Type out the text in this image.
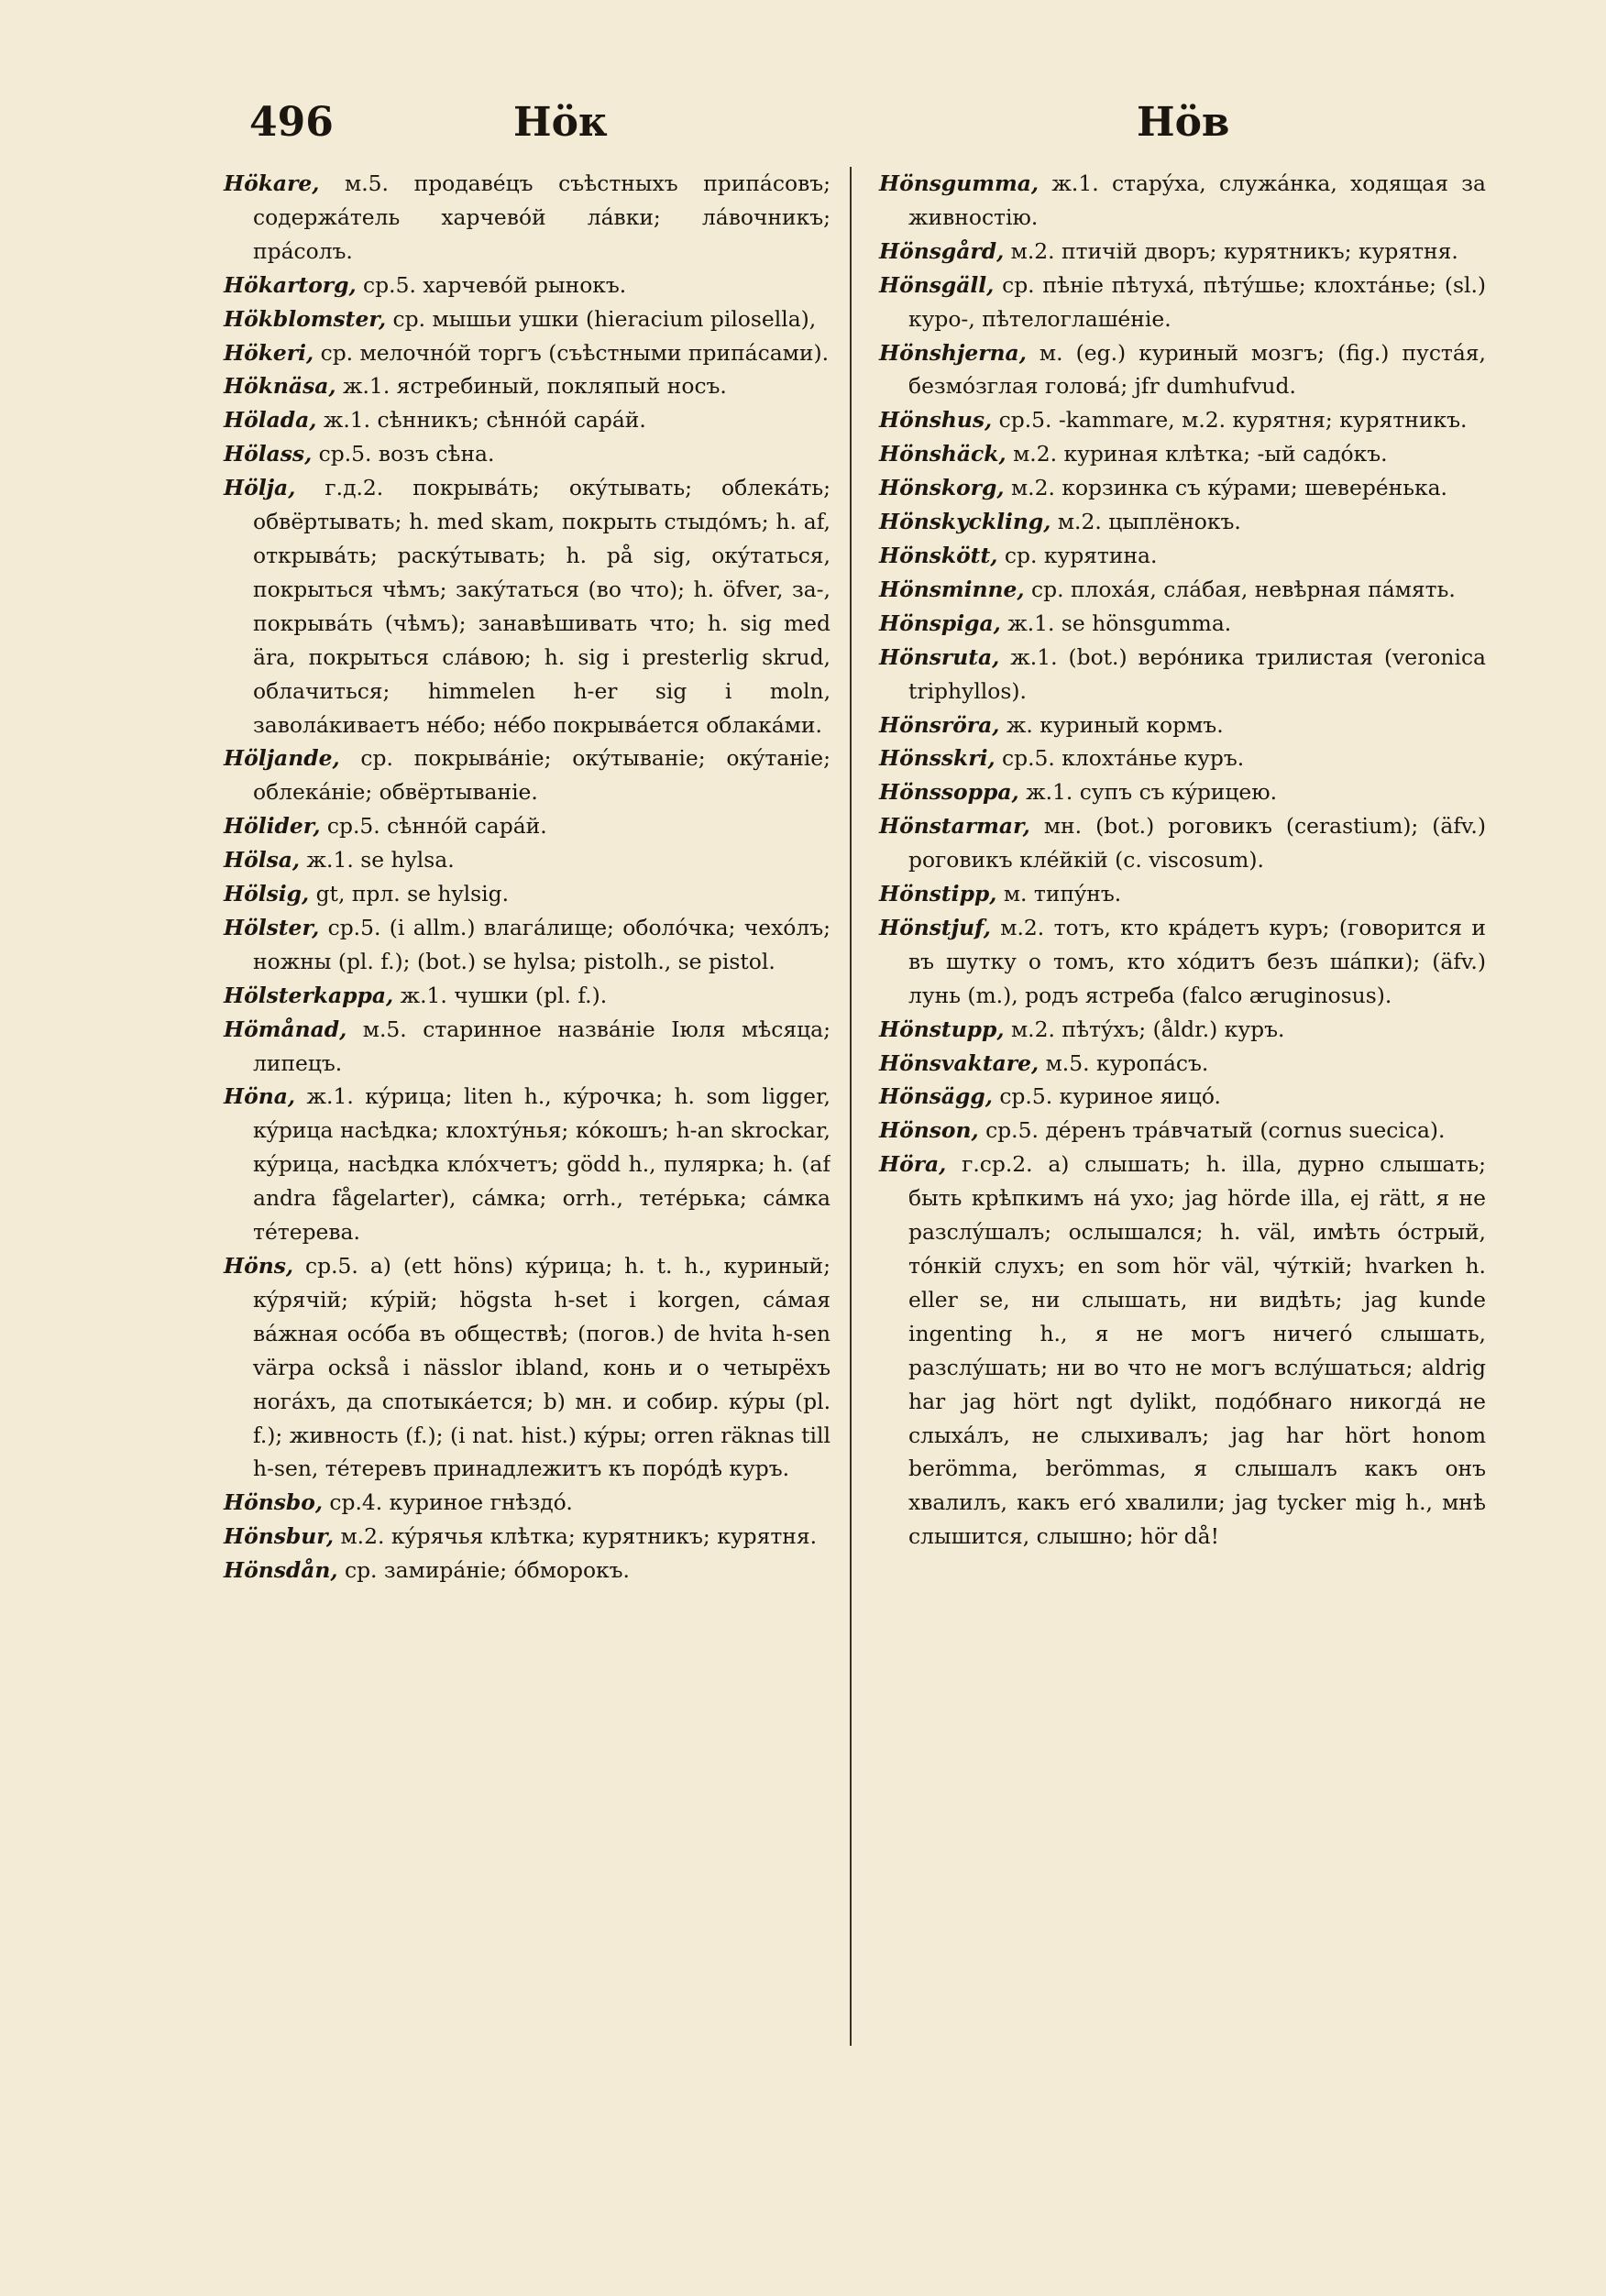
496	Нöк	Нöв

Hökare, м.5. продавéцъ съѣстныхъ припáсовъ; содержáтель харчевóй лáвки; лáвочникъ; прáсолъ.

Hökartorg, ср.5. харчевóй рынокъ.

Hökblomster, ср. мышьи ушки (hieracium pilosella),

Hökeri, ср. мелочнóй торгъ (съѣстными припáсами).

Höknäsa, ж.1. ястребиный, покляпый носъ.

Hölada, ж.1. сѣнникъ; сѣннóй сарáй.

Hölass, ср.5. возъ сѣна.

Hölja, г.д.2. покрывáть; окýтывать; облекáть; обвёртывать; h. med skam, покрыть стыдóмъ; h. af, открывáть; раскýтывать; h. på sig, окýтаться, покрыться чѣмъ; закýтаться (во что); h. öfver, за-, покрывáть (чѣмъ); занавѣшивать что; h. sig med ära, покрыться слáвою; h. sig i presterlig skrud, облачиться; himmelen h-er sig i moln, заволáкиваетъ нéбо; нéбо покрывáется облакáми.

Höljande, ср. покрывáніе; окýтываніе; окýтаніе; облекáніе; обвёртываніе.

Hölider, ср.5. сѣннóй сарáй.

Hölsa, ж.1. se hylsa.

Hölsig, gt, прл. se hylsig.

Hölster, ср.5. (i allm.) влагáлище; оболóчка; чехóлъ; ножны (pl. f.); (bot.) se hylsa; pistolh., se pistol.

Hölsterkappa, ж.1. чушки (pl. f.).

Hömånad, м.5. старинное назвáніе Іюля мѣсяца; липецъ.

Höna, ж.1. кýрица; liten h., кýрочка; h. som ligger, кýрица насѣдка; клохтýнья; кóкошъ; h-an skrockar, кýрица, насѣдка клóхчетъ; gödd h., пулярка; h. (af andra fågelarter), сáмка; orrh., тетéрька; сáмка тéтерева.

Höns, ср.5. а) (ett höns) кýрица; h. t. h., куриный; кýрячій; кýрій; högsta h-set i korgen, сáмая вáжная осóба въ обществѣ; (погов.) de hvita h-sen värpa också i nässlor ibland, конь и о четырёхъ ногáхъ, да спотыкáется; b) мн. и собир. кýры (pl. f.); живность (f.); (i nat. hist.) кýры; orren räknas till h-sen, тéтеревъ принадлежитъ къ порóдѣ куръ.

Hönsbo, ср.4. куриное гнѣздó.

Hönsbur, м.2. кýрячья клѣтка; курятникъ; курятня.

Hönsdån, ср. замирáніе; óбморокъ.

Hönsgumma, ж.1. старýха, служáнка, ходящая за живностію.

Hönsgård, м.2. птичій дворъ; курятникъ; курятня.

Hönsgäll, ср. пѣніе пѣтухá, пѣтýшье; клохтáнье; (sl.) куро-, пѣтелоглашéніе.

Hönshjerna, м. (eg.) куриный мозгъ; (fig.) пустáя, безмóзглая головá; jfr dumhufvud.

Hönshus, ср.5. -kammare, м.2. курятня; курятникъ.

Hönshäck, м.2. куриная клѣтка; -ый садóкъ.

Hönskorg, м.2. корзинка съ кýрами; шеверéнька.

Hönskyckling, м.2. цыплёнокъ.

Hönskött, ср. курятина.

Hönsminne, ср. плохáя, слáбая, невѣрная пáмять.

Hönspiga, ж.1. se hönsgumma.

Hönsruta, ж.1. (bot.) верóника трилистая (veronica triphyllos).

Hönsröra, ж. куриный кормъ.

Hönsskri, ср.5. клохтáнье куръ.

Hönssoppa, ж.1. супъ съ кýрицею.

Hönstarmar, мн. (bot.) роговикъ (cerastium); (äfv.) роговикъ клéйкій (c. viscosum).

Hönstipp, м. типýнъ.

Hönstjuf, м.2. тотъ, кто крáдетъ куръ; (говорится и въ шутку о томъ, кто хóдитъ безъ шáпки); (äfv.) лунь (m.), родъ ястреба (falco æruginosus).

Hönstupp, м.2. пѣтýхъ; (åldr.) куръ.

Hönsvaktare, м.5. куропáсъ.

Hönsägg, ср.5. куриное яицó.

Hönson, ср.5. дéренъ трáвчатый (cornus suecica).

Höra, г.ср.2. а) слышать; h. illa, дурно слышать; быть крѣпкимъ нá ухо; jag hörde illa, ej rätt, я не разслýшалъ; ослышался; h. väl, имѣть óстрый, тóнкій слухъ; en som hör väl, чýткій; hvarken h. eller se, ни слышать, ни видѣть; jag kunde ingenting h., я не могъ ничегó слышать, разслýшать; ни во что не могъ вслýшаться; aldrig har jag hört ngt dylikt, подóбнаго никогдá не слыхáлъ, не слыхивалъ; jag har hört honom berömma, berömmas, я слышалъ какъ онъ хвалилъ, какъ егó хвалили; jag tycker mig h., мнѣ слышится, слышно; hör då!
